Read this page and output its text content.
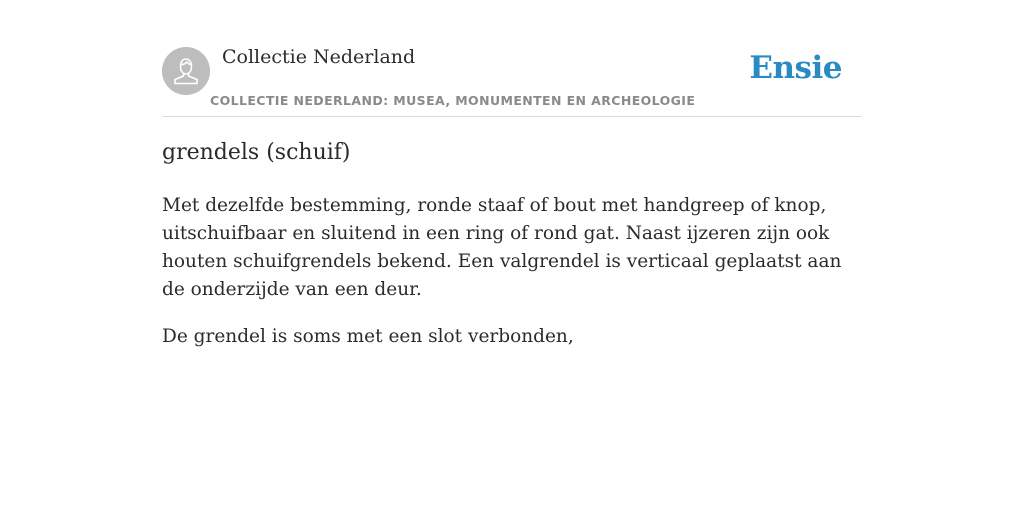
Collectie Nederland
COLLECTIE NEDERLAND: MUSEA, MONUMENTEN EN ARCHEOLOGIE
Ensie
grendels (schuif)

Met dezelfde bestemming, ronde staaf of bout met handgreep of knop, uitschuifbaar en sluitend in een ring of rond gat. Naast ijzeren zijn ook houten schuifgrendels bekend. Een valgrendel is verticaal geplaatst aan de onderzijde van een deur.

De grendel is soms met een slot verbonden,
